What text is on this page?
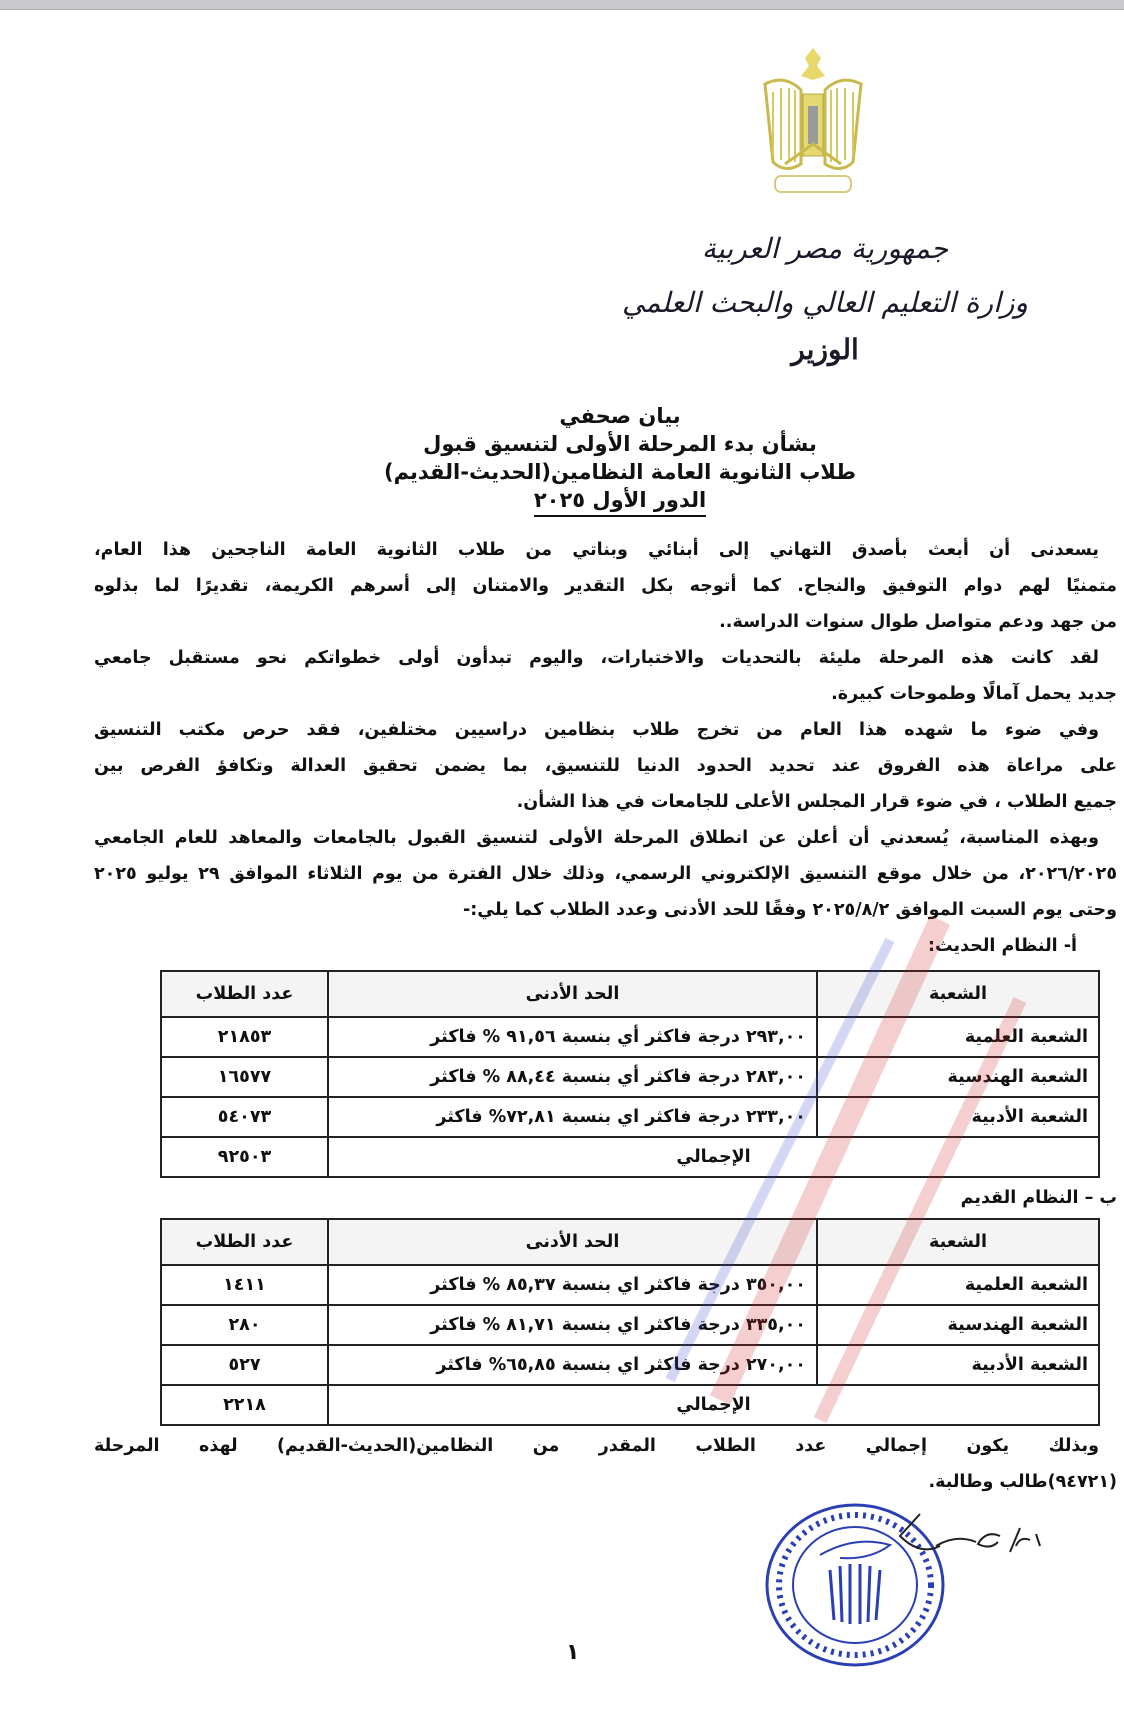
جمهورية مصر العربية
وزارة التعليم العالي والبحث العلمي
الوزير
بيان صحفي
بشأن بدء المرحلة الأولى لتنسيق قبول
طلاب الثانوية العامة النظامين(الحديث-القديم)
الدور الأول ٢٠٢٥
يسعدنى أن أبعث بأصدق التهاني إلى أبنائي وبناتي من طلاب الثانوية العامة الناجحين هذا العام،
متمنيًا لهم دوام التوفيق والنجاح. كما أتوجه بكل التقدير والامتنان إلى أسرهم الكريمة، تقديرًا لما بذلوه
من جهد ودعم متواصل طوال سنوات الدراسة..
لقد كانت هذه المرحلة مليئة بالتحديات والاختبارات، واليوم تبدأون أولى خطواتكم نحو مستقبل جامعي
جديد يحمل آمالًا وطموحات كبيرة.
وفي ضوء ما شهده هذا العام من تخرج طلاب بنظامين دراسيين مختلفين، فقد حرص مكتب التنسيق
على مراعاة هذه الفروق عند تحديد الحدود الدنيا للتنسيق، بما يضمن تحقيق العدالة وتكافؤ الفرص بين
جميع الطلاب ، في ضوء قرار المجلس الأعلى للجامعات في هذا الشأن.
وبهذه المناسبة، يُسعدني أن أعلن عن انطلاق المرحلة الأولى لتنسيق القبول بالجامعات والمعاهد للعام الجامعي
٢٠٢٦/٢٠٢٥، من خلال موقع التنسيق الإلكتروني الرسمي، وذلك خلال الفترة من يوم الثلاثاء الموافق ٢٩ يوليو ٢٠٢٥
وحتى يوم السبت الموافق ٢٠٢٥/٨/٢ وفقًا للحد الأدنى وعدد الطلاب كما يلي:-
أ- النظام الحديث:
الشعبة	الحد الأدنى	عدد الطلاب
الشعبة العلمية	٢٩٣,٠٠ درجة فاكثر أي بنسبة ٩١,٥٦ % فاكثر	٢١٨٥٣
الشعبة الهندسية	٢٨٣,٠٠ درجة فاكثر أي بنسبة ٨٨,٤٤ % فاكثر	١٦٥٧٧
الشعبة الأدبية	٢٣٣,٠٠ درجة فاكثر اي بنسبة ٧٢,٨١% فاكثر	٥٤٠٧٣
الإجمالي		٩٢٥٠٣
ب – النظام القديم
الشعبة	الحد الأدنى	عدد الطلاب
الشعبة العلمية	٣٥٠,٠٠ درجة فاكثر اي بنسبة ٨٥,٣٧ % فاكثر	١٤١١
الشعبة الهندسية	٣٣٥,٠٠ درجة فاكثر اي بنسبة ٨١,٧١ % فاكثر	٢٨٠
الشعبة الأدبية	٢٧٠,٠٠ درجة فاكثر اي بنسبة ٦٥,٨٥% فاكثر	٥٢٧
الإجمالي		٢٢١٨
وبذلك يكون إجمالي عدد الطلاب المقدر من النظامين(الحديث-القديم) لهذه المرحلة
(٩٤٧٢١)طالب وطالبة.
١
